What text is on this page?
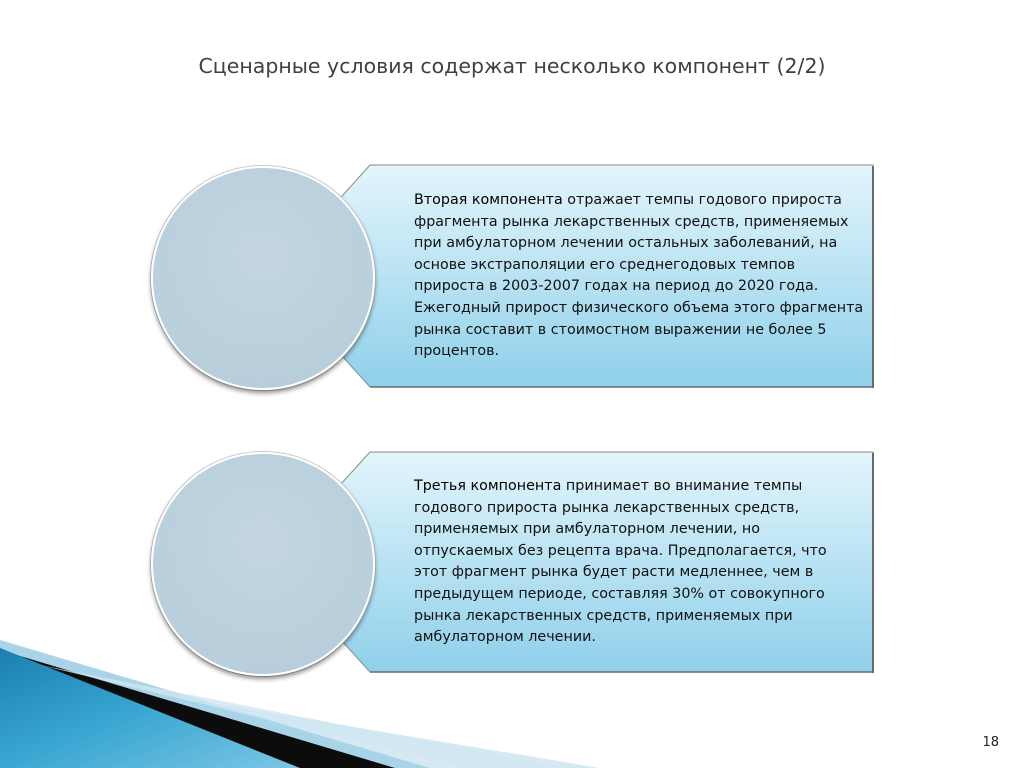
Сценарные условия содержат несколько компонент (2/2)
Вторая компонента отражает темпы годового прироста фрагмента рынка лекарственных средств, применяемых при амбулаторном лечении остальных заболеваний, на основе экстраполяции его среднегодовых темпов прироста в 2003-2007 годах на период до 2020 года. Ежегодный прирост физического объема этого фрагмента рынка составит в стоимостном выражении не более 5 процентов.
Третья компонента принимает во внимание темпы годового прироста рынка лекарственных средств, применяемых при амбулаторном лечении, но отпускаемых без рецепта врача. Предполагается, что этот фрагмент рынка будет расти медленнее, чем в предыдущем периоде, составляя 30% от совокупного рынка лекарственных средств, применяемых при амбулаторном лечении.
18
